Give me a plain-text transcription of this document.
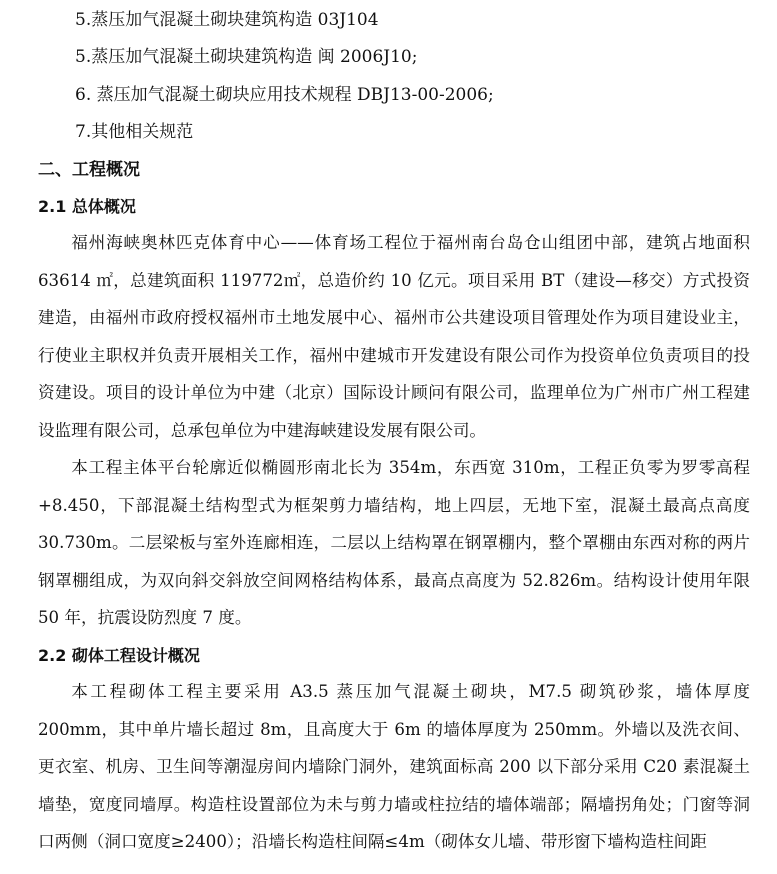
5.蒸压加气混凝土砌块建筑构造 03J104
5.蒸压加气混凝土砌块建筑构造 闽 2006J10;
6. 蒸压加气混凝土砌块应用技术规程 DBJ13-00-2006;
7.其他相关规范
二、工程概况
2.1 总体概况

福州海峡奥林匹克体育中心——体育场工程位于福州南台岛仓山组团中部，建筑占地面积 63614 ㎡，总建筑面积 119772㎡，总造价约 10 亿元。项目采用 BT（建设—移交）方式投资建造，由福州市政府授权福州市土地发展中心、福州市公共建设项目管理处作为项目建设业主，行使业主职权并负责开展相关工作，福州中建城市开发建设有限公司作为投资单位负责项目的投资建设。项目的设计单位为中建（北京）国际设计顾问有限公司，监理单位为广州市广州工程建设监理有限公司，总承包单位为中建海峡建设发展有限公司。

本工程主体平台轮廓近似椭圆形南北长为 354m，东西宽 310m，工程正负零为罗零高程+8.450，下部混凝土结构型式为框架剪力墙结构，地上四层，无地下室，混凝土最高点高度 30.730m。二层梁板与室外连廊相连，二层以上结构罩在钢罩棚内，整个罩棚由东西对称的两片钢罩棚组成，为双向斜交斜放空间网格结构体系，最高点高度为 52.826m。结构设计使用年限 50 年，抗震设防烈度 7 度。

2.2 砌体工程设计概况

本工程砌体工程主要采用 A3.5 蒸压加气混凝土砌块，M7.5 砌筑砂浆，墙体厚度 200mm，其中单片墙长超过 8m，且高度大于 6m 的墙体厚度为 250mm。外墙以及洗衣间、更衣室、机房、卫生间等潮湿房间内墙除门洞外，建筑面标高 200 以下部分采用 C20 素混凝土墙垫，宽度同墙厚。构造柱设置部位为未与剪力墙或柱拉结的墙体端部；隔墙拐角处；门窗等洞口两侧（洞口宽度≥2400）；沿墙长构造柱间隔≤4m（砌体女儿墙、带形窗下墙构造柱间距
